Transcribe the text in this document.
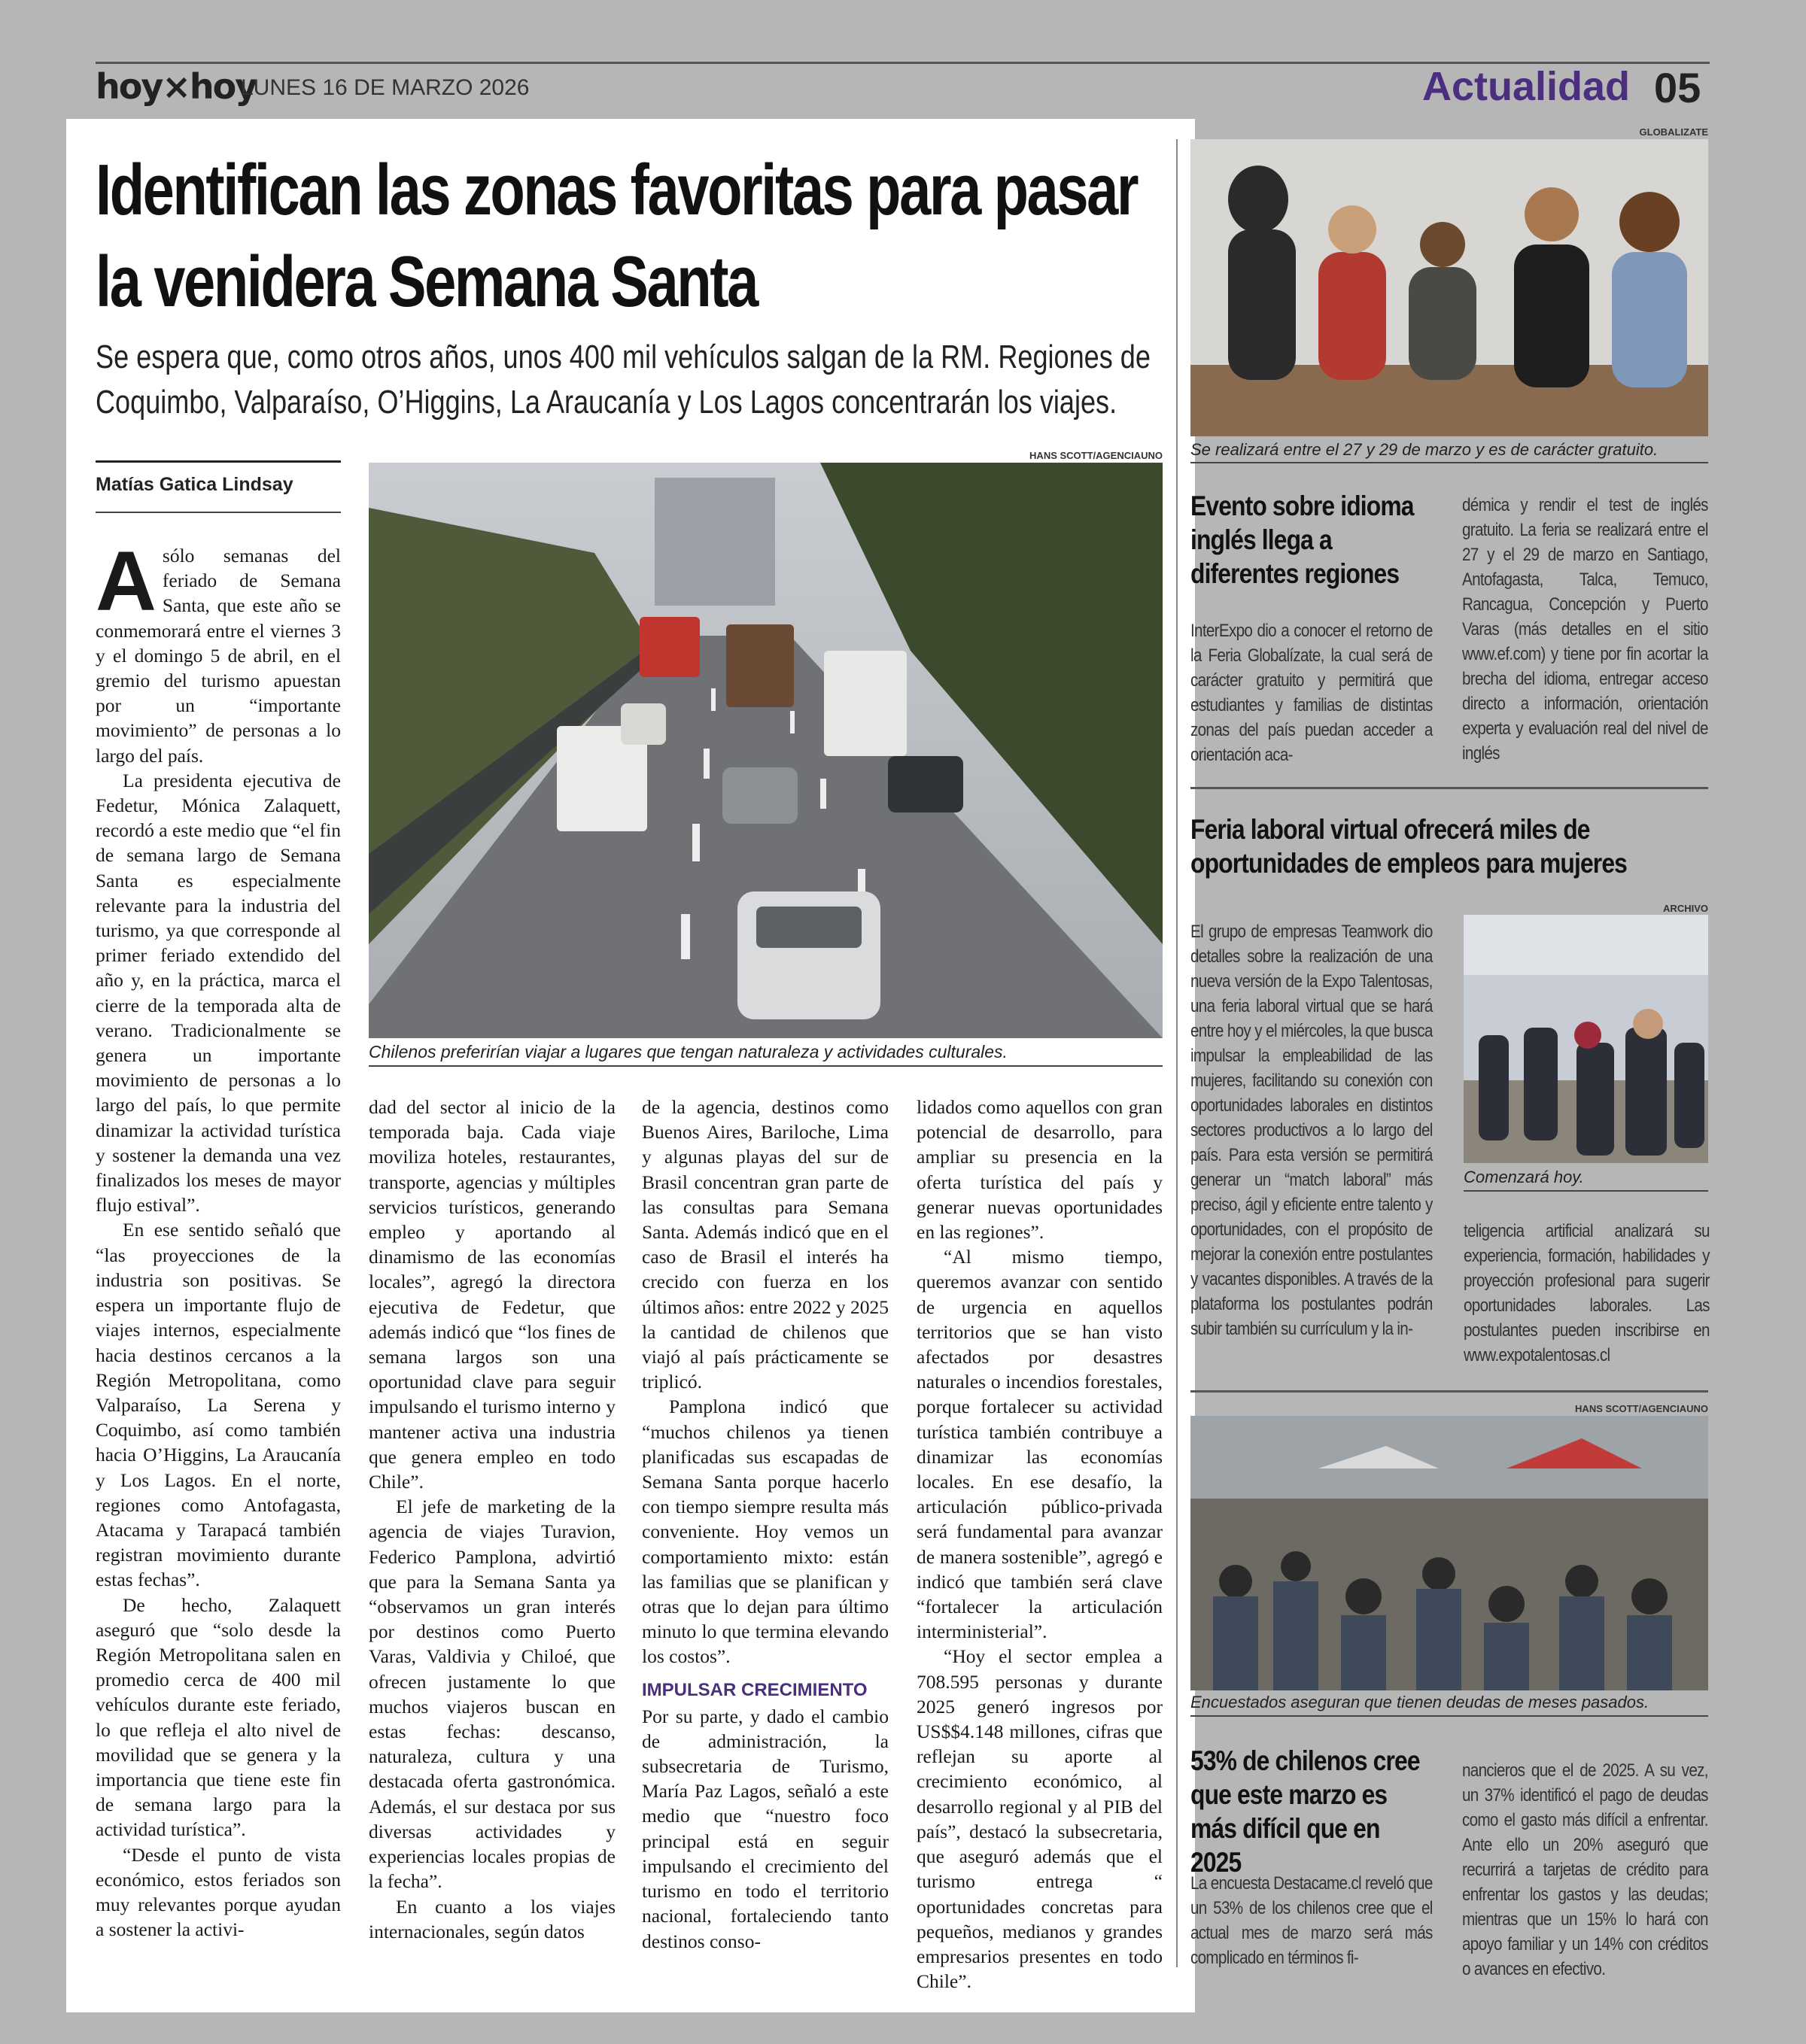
hoy×hoy
LUNES 16 DE MARZO 2026	Actualidad 05
Identifican las zonas favoritas para pasar la venidera Semana Santa
Se espera que, como otros años, unos 400 mil vehículos salgan de la RM. Regiones de Coquimbo, Valparaíso, O’Higgins, La Araucanía y Los Lagos concentrarán los viajes.
Matías Gatica Lindsay
HANS SCOTT/AGENCIAUNO
Chilenos preferirían viajar a lugares que tengan naturaleza y actividades culturales.
A sólo semanas del feriado de Semana Santa, que este año se conmemorará entre el viernes 3 y el domingo 5 de abril, en el gremio del turismo apuestan por un “importante movimiento” de personas a lo largo del país.

La presidenta ejecutiva de Fedetur, Mónica Zalaquett, recordó a este medio que “el fin de semana largo de Semana Santa es especialmente relevante para la industria del turismo, ya que corresponde al primer feriado extendido del año y, en la práctica, marca el cierre de la temporada alta de verano. Tradicionalmente se genera un importante movimiento de personas a lo largo del país, lo que permite dinamizar la actividad turística y sostener la demanda una vez finalizados los meses de mayor flujo estival”.

En ese sentido señaló que “las proyecciones de la industria son positivas. Se espera un importante flujo de viajes internos, especialmente hacia destinos cercanos a la Región Metropolitana, como Valparaíso, La Serena y Coquimbo, así como también hacia O’Higgins, La Araucanía y Los Lagos. En el norte, regiones como Antofagasta, Atacama y Tarapacá también registran movimiento durante estas fechas”.

De hecho, Zalaquett aseguró que “solo desde la Región Metropolitana salen en promedio cerca de 400 mil vehículos durante este feriado, lo que refleja el alto nivel de movilidad que se genera y la importancia que tiene este fin de semana largo para la actividad turística”.

“Desde el punto de vista económico, estos feriados son muy relevantes porque ayudan a sostener la activi-

dad del sector al inicio de la temporada baja. Cada viaje moviliza hoteles, restaurantes, transporte, agencias y múltiples servicios turísticos, generando empleo y aportando al dinamismo de las economías locales”, agregó la directora ejecutiva de Fedetur, que además indicó que “los fines de semana largos son una oportunidad clave para seguir impulsando el turismo interno y mantener activa una industria que genera empleo en todo Chile”.

El jefe de marketing de la agencia de viajes Turavion, Federico Pamplona, advirtió que para la Semana Santa ya “observamos un gran interés por destinos como Puerto Varas, Valdivia y Chiloé, que ofrecen justamente lo que muchos viajeros buscan en estas fechas: descanso, naturaleza, cultura y una destacada oferta gastronómica. Además, el sur destaca por sus diversas actividades y experiencias locales propias de la fecha”.

En cuanto a los viajes internacionales, según datos

de la agencia, destinos como Buenos Aires, Bariloche, Lima y algunas playas del sur de Brasil concentran gran parte de las consultas para Semana Santa. Además indicó que en el caso de Brasil el interés ha crecido con fuerza en los últimos años: entre 2022 y 2025 la cantidad de chilenos que viajó al país prácticamente se triplicó.

Pamplona indicó que “muchos chilenos ya tienen planificadas sus escapadas de Semana Santa porque hacerlo con tiempo siempre resulta más conveniente. Hoy vemos un comportamiento mixto: están las familias que se planifican y otras que lo dejan para último minuto lo que termina elevando los costos”.

IMPULSAR CRECIMIENTO

Por su parte, y dado el cambio de administración, la subsecretaria de Turismo, María Paz Lagos, señaló a este medio que “nuestro foco principal está en seguir impulsando el crecimiento del turismo en todo el territorio nacional, fortaleciendo tanto destinos conso-

lidados como aquellos con gran potencial de desarrollo, para ampliar su presencia en la oferta turística del país y generar nuevas oportunidades en las regiones”.

“Al mismo tiempo, queremos avanzar con sentido de urgencia en aquellos territorios que se han visto afectados por desastres naturales o incendios forestales, porque fortalecer su actividad turística también contribuye a dinamizar las economías locales. En ese desafío, la articulación público-privada será fundamental para avanzar de manera sostenible”, agregó e indicó que también será clave “fortalecer la articulación interministerial”.

“Hoy el sector emplea a 708.595 personas y durante 2025 generó ingresos por US$$4.148 millones, cifras que reflejan su aporte al crecimiento económico, al desarrollo regional y al PIB del país”, destacó la subsecretaria, que aseguró además que el turismo entrega “ oportunidades concretas para pequeños, medianos y grandes empresarios presentes en todo Chile”.

GLOBALIZATE
Se realizará entre el 27 y 29 de marzo y es de carácter gratuito.
Evento sobre idioma inglés llega a diferentes regiones
InterExpo dio a conocer el retorno de la Feria Globalízate, la cual será de carácter gratuito y permitirá que estudiantes y familias de distintas zonas del país puedan acceder a orientación aca-
démica y rendir el test de inglés gratuito. La feria se realizará entre el 27 y el 29 de marzo en Santiago, Antofagasta, Talca, Temuco, Rancagua, Concepción y Puerto Varas (más detalles en el sitio www.ef.com) y tiene por fin acortar la brecha del idioma, entregar acceso directo a información, orientación experta y evaluación real del nivel de inglés
Feria laboral virtual ofrecerá miles de oportunidades de empleos para mujeres
ARCHIVO
El grupo de empresas Teamwork dio detalles sobre la realización de una nueva versión de la Expo Talentosas, una feria laboral virtual que se hará entre hoy y el miércoles, la que busca impulsar la empleabilidad de las mujeres, facilitando su conexión con oportunidades laborales en distintos sectores productivos a lo largo del país. Para esta versión se permitirá generar un “match laboral” más preciso, ágil y eficiente entre talento y oportunidades, con el propósito de mejorar la conexión entre postulantes y vacantes disponibles. A través de la plataforma los postulantes podrán subir también su currículum y la in-
Comenzará hoy.
teligencia artificial analizará su experiencia, formación, habilidades y proyección profesional para sugerir oportunidades laborales. Las postulantes pueden inscribirse en www.expotalentosas.cl
HANS SCOTT/AGENCIAUNO
Encuestados aseguran que tienen deudas de meses pasados.
53% de chilenos cree que este marzo es más difícil que en 2025
La encuesta Destacame.cl reveló que un 53% de los chilenos cree que el actual mes de marzo será más complicado en términos fi-
nancieros que el de 2025. A su vez, un 37% identificó el pago de deudas como el gasto más difícil a enfrentar. Ante ello un 20% aseguró que recurrirá a tarjetas de crédito para enfrentar los gastos y las deudas; mientras que un 15% lo hará con apoyo familiar y un 14% con créditos o avances en efectivo.
